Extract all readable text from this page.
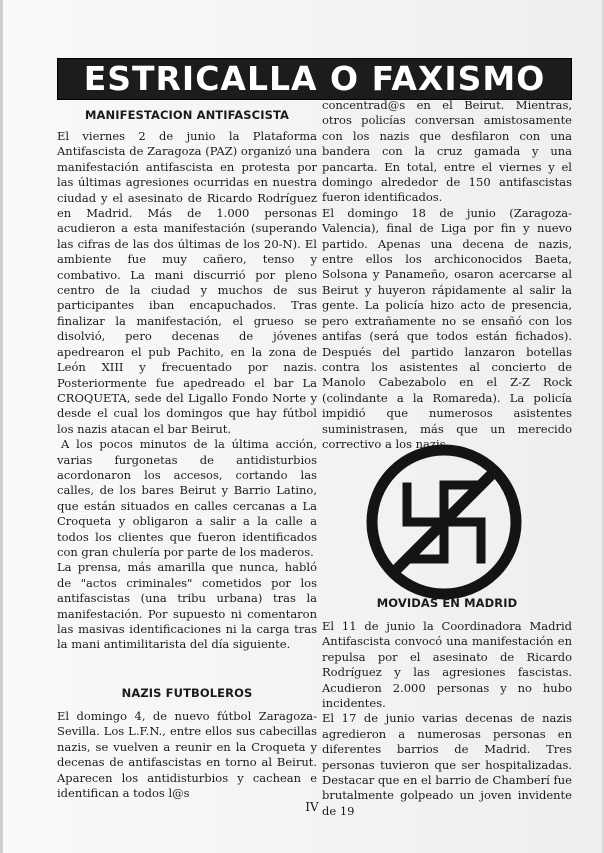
ESTRICALLA O FAXISMO
MANIFESTACION ANTIFASCISTA

El viernes 2 de junio la Plataforma Antifascista de Zaragoza (PAZ) organizó una manifestación antifascista en protesta por las últimas agresiones ocurridas en nuestra ciudad y el asesinato de Ricardo Rodríguez en Madrid. Más de 1.000 personas acudieron a esta manifestación (superando las cifras de las dos últimas de los 20-N). El ambiente fue muy cañero, tenso y combativo. La mani discurrió por pleno centro de la ciudad y muchos de sus participantes iban encapuchados. Tras finalizar la manifestación, el grueso se disolvió, pero decenas de jóvenes apedrearon el pub Pachito, en la zona de León XIII y frecuentado por nazis. Posteriormente fue apedreado el bar La CROQUETA, sede del Ligallo Fondo Norte y desde el cual los domingos que hay fútbol los nazis atacan el bar Beirut.

A los pocos minutos de la última acción, varias furgonetas de antidisturbios acordonaron los accesos, cortando las calles, de los bares Beirut y Barrio Latino, que están situados en calles cercanas a La Croqueta y obligaron a salir a la calle a todos los clientes que fueron identificados con gran chulería por parte de los maderos.

La prensa, más amarilla que nunca, habló de "actos criminales" cometidos por los antifascistas (una tribu urbana) tras la manifestación. Por supuesto ni comentaron las masivas identificaciones ni la carga tras la mani antimilitarista del día siguiente.

NAZIS FUTBOLEROS

El domingo 4, de nuevo fútbol Zaragoza-Sevilla. Los L.F.N., entre ellos sus cabecillas nazis, se vuelven a reunir en la Croqueta y decenas de antifascistas en torno al Beirut. Aparecen los antidisturbios y cachean e identifican a todos l@s

concentrad@s en el Beirut. Mientras, otros policías conversan amistosamente con los nazis que desfilaron con una bandera con la cruz gamada y una pancarta. En total, entre el viernes y el domingo alrededor de 150 antifascistas fueron identificados.

El domingo 18 de junio (Zaragoza-Valencia), final de Liga por fin y nuevo partido. Apenas una decena de nazis, entre ellos los archiconocidos Baeta, Solsona y Panameño, osaron acercarse al Beirut y huyeron rápidamente al salir la gente. La policía hizo acto de presencia, pero extrañamente no se ensañó con los antifas (será que todos están fichados). Después del partido lanzaron botellas contra los asistentes al concierto de Manolo Cabezabolo en el Z-Z Rock (colindante a la Romareda). La policía impidió que numerosos asistentes suministrasen, más que un merecido correctivo a los nazis.

MOVIDAS EN MADRID

El 11 de junio la Coordinadora Madrid Antifascista convocó una manifestación en repulsa por el asesinato de Ricardo Rodríguez y las agresiones fascistas. Acudieron 2.000 personas y no hubo incidentes.

El 17 de junio varias decenas de nazis agredieron a numerosas personas en diferentes barrios de Madrid. Tres personas tuvieron que ser hospitalizadas. Destacar que en el barrio de Chamberí fue brutalmente golpeado un joven invidente de 19

IV
